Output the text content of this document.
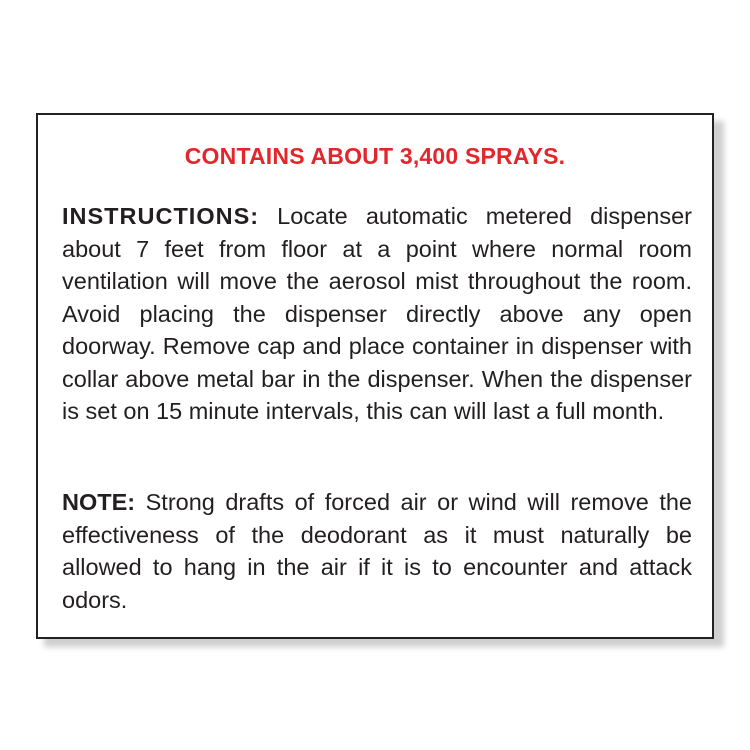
CONTAINS ABOUT 3,400 SPRAYS.
INSTRUCTIONS: Locate automatic metered dispenser about 7 feet from floor at a point where normal room ventilation will move the aerosol mist throughout the room. Avoid placing the dispenser directly above any open doorway. Remove cap and place container in dispenser with collar above metal bar in the dispenser. When the dispenser is set on 15 minute intervals, this can will last a full month.
NOTE: Strong drafts of forced air or wind will remove the effectiveness of the deodorant as it must naturally be allowed to hang in the air if it is to encounter and attack odors.
